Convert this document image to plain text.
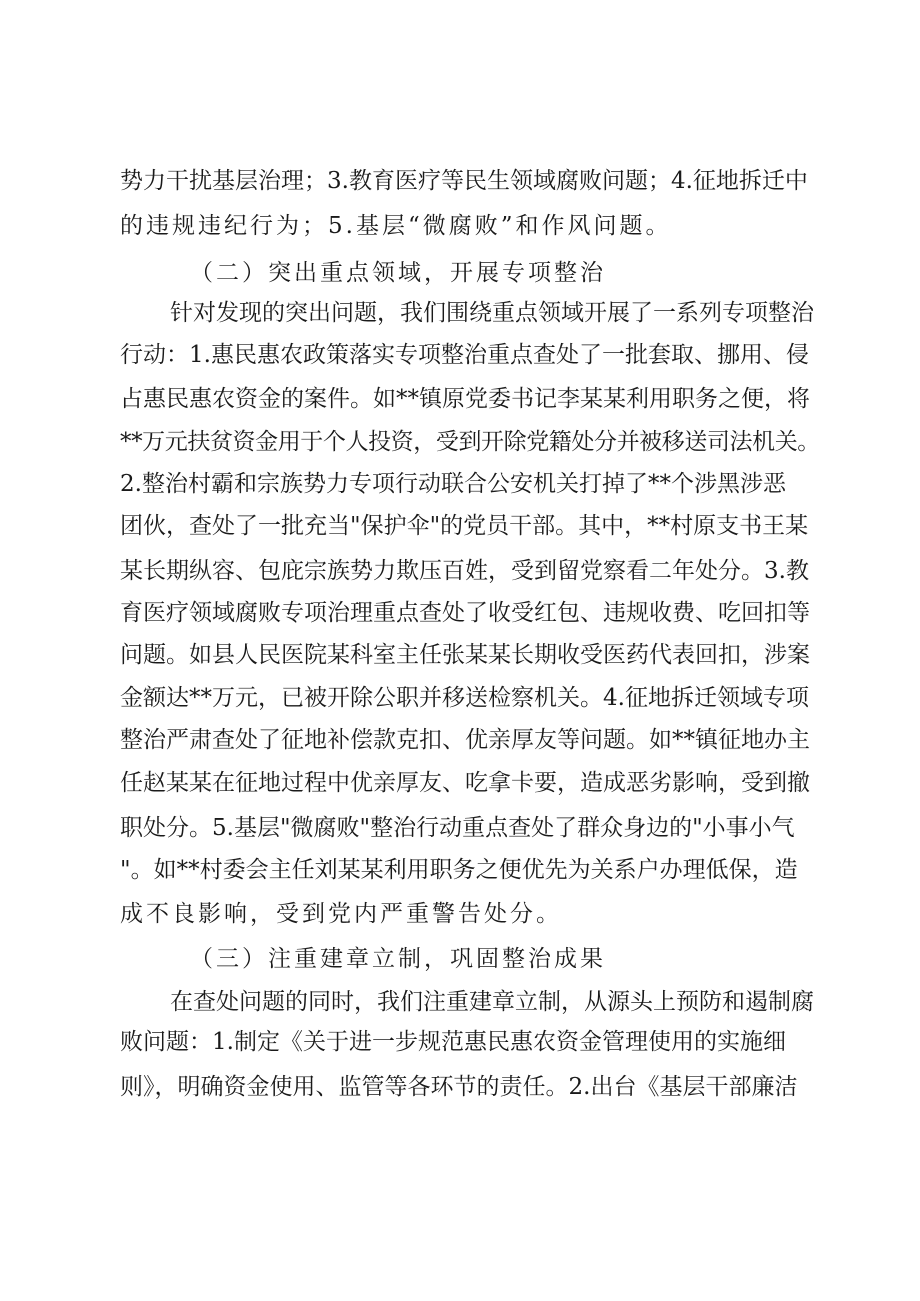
势力干扰基层治理；3.教育医疗等民生领域腐败问题；4.征地拆迁中
的违规违纪行为；5.基层“微腐败”和作风问题。
（二）突出重点领域，开展专项整治
针对发现的突出问题，我们围绕重点领域开展了一系列专项整治
行动：1.惠民惠农政策落实专项整治重点查处了一批套取、挪用、侵
占惠民惠农资金的案件。如**镇原党委书记李某某利用职务之便，将
**万元扶贫资金用于个人投资，受到开除党籍处分并被移送司法机关。
2.整治村霸和宗族势力专项行动联合公安机关打掉了**个涉黑涉恶
团伙，查处了一批充当"保护伞"的党员干部。其中，**村原支书王某
某长期纵容、包庇宗族势力欺压百姓，受到留党察看二年处分。3.教
育医疗领域腐败专项治理重点查处了收受红包、违规收费、吃回扣等
问题。如县人民医院某科室主任张某某长期收受医药代表回扣，涉案
金额达**万元，已被开除公职并移送检察机关。4.征地拆迁领域专项
整治严肃查处了征地补偿款克扣、优亲厚友等问题。如**镇征地办主
任赵某某在征地过程中优亲厚友、吃拿卡要，造成恶劣影响，受到撤
职处分。5.基层"微腐败"整治行动重点查处了群众身边的"小事小气
"。如**村委会主任刘某某利用职务之便优先为关系户办理低保，造
成不良影响，受到党内严重警告处分。
（三）注重建章立制，巩固整治成果
在查处问题的同时，我们注重建章立制，从源头上预防和遏制腐
败问题：1.制定《关于进一步规范惠民惠农资金管理使用的实施细
则》，明确资金使用、监管等各环节的责任。2.出台《基层干部廉洁
